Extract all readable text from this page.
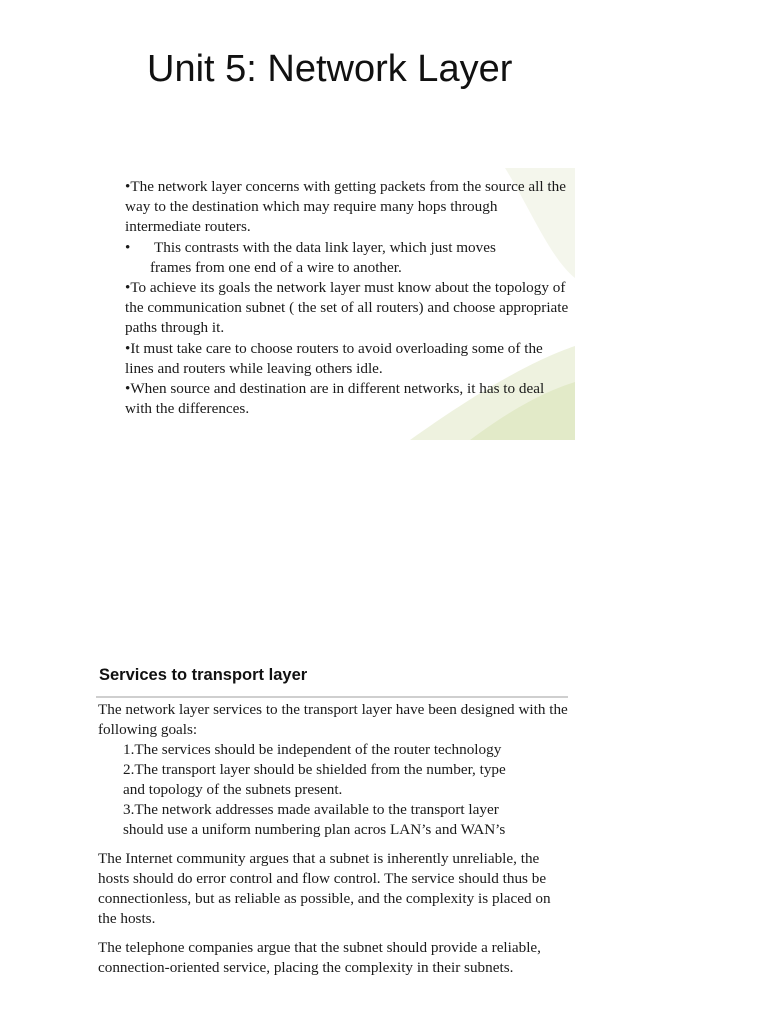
Unit 5: Network Layer

•The network layer concerns with getting packets from the source all the way to the destination which may require many hops through intermediate routers.

• This contrasts with the data link layer, which just moves
frames from one end of a wire to another.

•To achieve its goals the network layer must know about the topology of the communication subnet ( the set of all routers) and choose appropriate paths through it.

•It must take care to choose routers to avoid overloading some of the lines and routers while leaving others idle.

•When source and destination are in different networks, it has to deal with the differences.

Services to transport layer

The network layer services to the transport layer have been designed with the following goals:

1.The services should be independent of the router technology

2.The transport layer should be shielded from the number, type

and topology of the subnets present.

3.The network addresses made available to the transport layer

should use a uniform numbering plan acros LAN’s and WAN’s

The Internet community argues that a subnet is inherently unreliable, the hosts should do error control and flow control. The service should thus be connectionless, but as reliable as possible, and the complexity is placed on the hosts.

The telephone companies argue that the subnet should provide a reliable, connection-oriented service, placing the complexity in their subnets.
